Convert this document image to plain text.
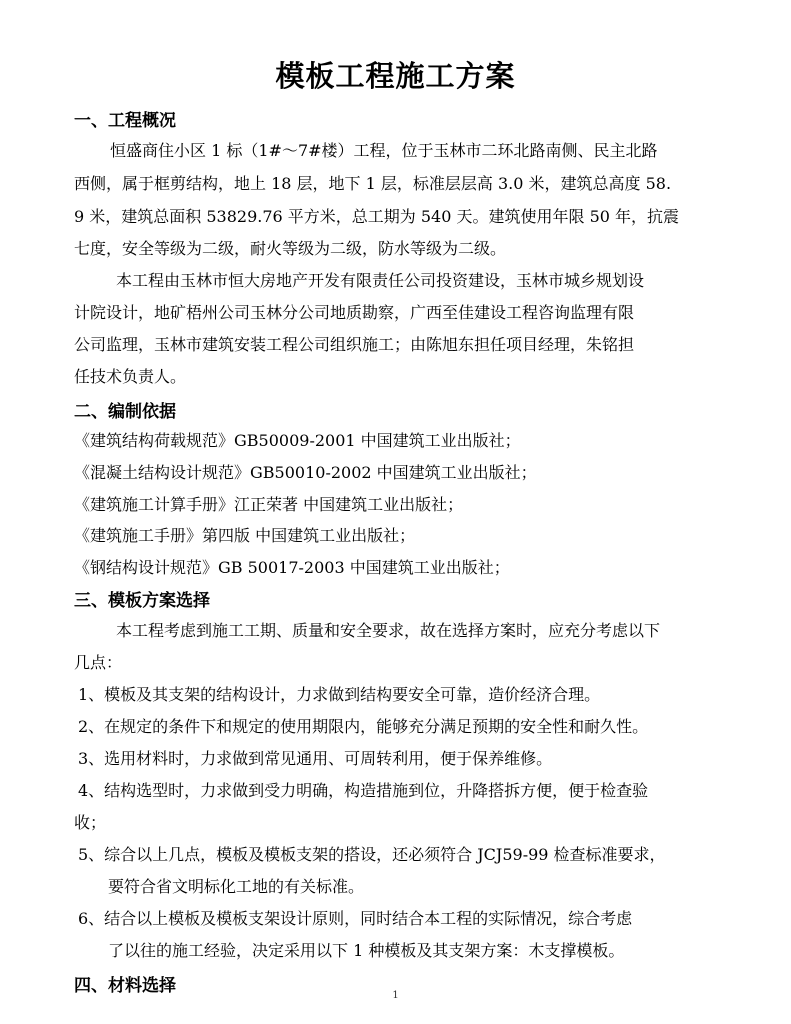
模板工程施工方案
一、工程概况
恒盛商住小区 1 标（1#～7#楼）工程，位于玉林市二环北路南侧、民主北路
西侧，属于框剪结构，地上 18 层，地下 1 层，标准层层高 3.0 米，建筑总高度 58.
9 米，建筑总面积 53829.76 平方米，总工期为 540 天。建筑使用年限 50 年，抗震
七度，安全等级为二级，耐火等级为二级，防水等级为二级。
本工程由玉林市恒大房地产开发有限责任公司投资建设，玉林市城乡规划设
计院设计，地矿梧州公司玉林分公司地质勘察，广西至佳建设工程咨询监理有限
公司监理，玉林市建筑安装工程公司组织施工；由陈旭东担任项目经理，朱铭担
任技术负责人。
二、编制依据
《建筑结构荷载规范》GB50009-2001 中国建筑工业出版社；
《混凝土结构设计规范》GB50010-2002 中国建筑工业出版社；
《建筑施工计算手册》江正荣著 中国建筑工业出版社；
《建筑施工手册》第四版 中国建筑工业出版社；
《钢结构设计规范》GB 50017-2003 中国建筑工业出版社；
三、模板方案选择
本工程考虑到施工工期、质量和安全要求，故在选择方案时，应充分考虑以下
几点：
1、模板及其支架的结构设计，力求做到结构要安全可靠，造价经济合理。
2、在规定的条件下和规定的使用期限内，能够充分满足预期的安全性和耐久性。
3、选用材料时，力求做到常见通用、可周转利用，便于保养维修。
4、结构选型时，力求做到受力明确，构造措施到位，升降搭拆方便，便于检查验
收；
5、综合以上几点，模板及模板支架的搭设，还必须符合 JCJ59-99 检查标准要求，
要符合省文明标化工地的有关标准。
6、结合以上模板及模板支架设计原则，同时结合本工程的实际情况，综合考虑
了以往的施工经验，决定采用以下 1 种模板及其支架方案：木支撑模板。
四、材料选择	1
